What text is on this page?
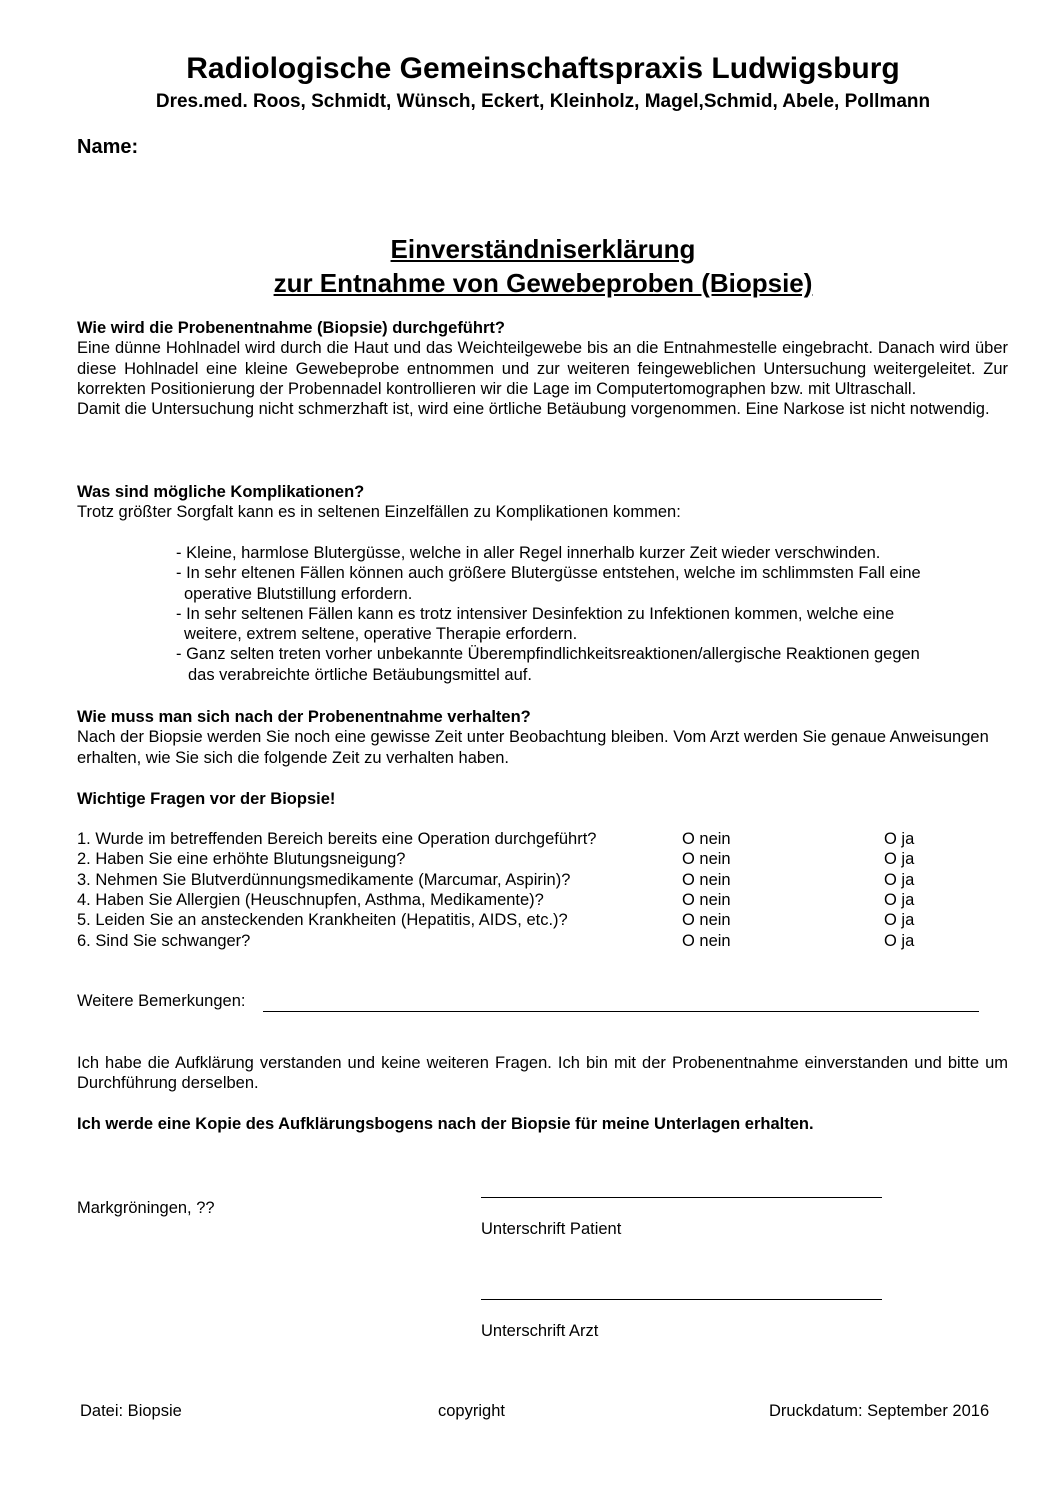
Radiologische Gemeinschaftspraxis Ludwigsburg
Dres.med. Roos, Schmidt, Wünsch, Eckert, Kleinholz, Magel,Schmid, Abele, Pollmann
Name:
Einverständniserklärung
zur Entnahme von Gewebeproben (Biopsie)
Wie wird die Probenentnahme (Biopsie) durchgeführt?
Eine dünne Hohlnadel wird durch die Haut und das Weichteilgewebe bis an die Entnahmestelle eingebracht. Danach wird über diese Hohlnadel eine kleine Gewebeprobe entnommen und zur weiteren feingeweblichen Untersuchung weitergeleitet. Zur korrekten Positionierung der Probennadel kontrollieren wir die Lage im Computertomographen bzw. mit Ultraschall.
Damit die Untersuchung nicht schmerzhaft ist, wird eine örtliche Betäubung vorgenommen. Eine Narkose ist nicht notwendig.
Was sind mögliche Komplikationen?
Trotz größter Sorgfalt kann es in seltenen Einzelfällen zu Komplikationen kommen:
- Kleine, harmlose Blutergüsse, welche in aller Regel innerhalb kurzer Zeit wieder verschwinden.
- In sehr eltenen Fällen können auch größere Blutergüsse entstehen, welche im schlimmsten Fall eine
operative Blutstillung erfordern.
- In sehr seltenen Fällen kann es trotz intensiver Desinfektion zu Infektionen kommen, welche eine
weitere, extrem seltene, operative Therapie erfordern.
- Ganz selten treten vorher unbekannte Überempfindlichkeitsreaktionen/allergische Reaktionen gegen
das verabreichte örtliche Betäubungsmittel auf.
Wie muss man sich nach der Probenentnahme verhalten?
Nach der Biopsie werden Sie noch eine gewisse Zeit unter Beobachtung bleiben. Vom Arzt werden Sie genaue Anweisungen erhalten, wie Sie sich die folgende Zeit zu verhalten haben.
Wichtige Fragen vor der Biopsie!
1. Wurde im betreffenden Bereich bereits eine Operation durchgeführt?	O nein	O ja
2. Haben Sie eine erhöhte Blutungsneigung?	O nein	O ja
3. Nehmen Sie Blutverdünnungsmedikamente (Marcumar, Aspirin)?	O nein	O ja
4. Haben Sie Allergien (Heuschnupfen, Asthma, Medikamente)?	O nein	O ja
5. Leiden Sie an ansteckenden Krankheiten (Hepatitis, AIDS, etc.)?	O nein	O ja
6. Sind Sie schwanger?	O nein	O ja
Weitere Bemerkungen:
Ich habe die Aufklärung verstanden und keine weiteren Fragen. Ich bin mit der Probenentnahme einverstanden und bitte um Durchführung derselben.
Ich werde eine Kopie des Aufklärungsbogens nach der Biopsie für meine Unterlagen erhalten.
Markgröningen, ??
Unterschrift Patient
Unterschrift Arzt
Datei: Biopsie	copyright	Druckdatum: September 2016
